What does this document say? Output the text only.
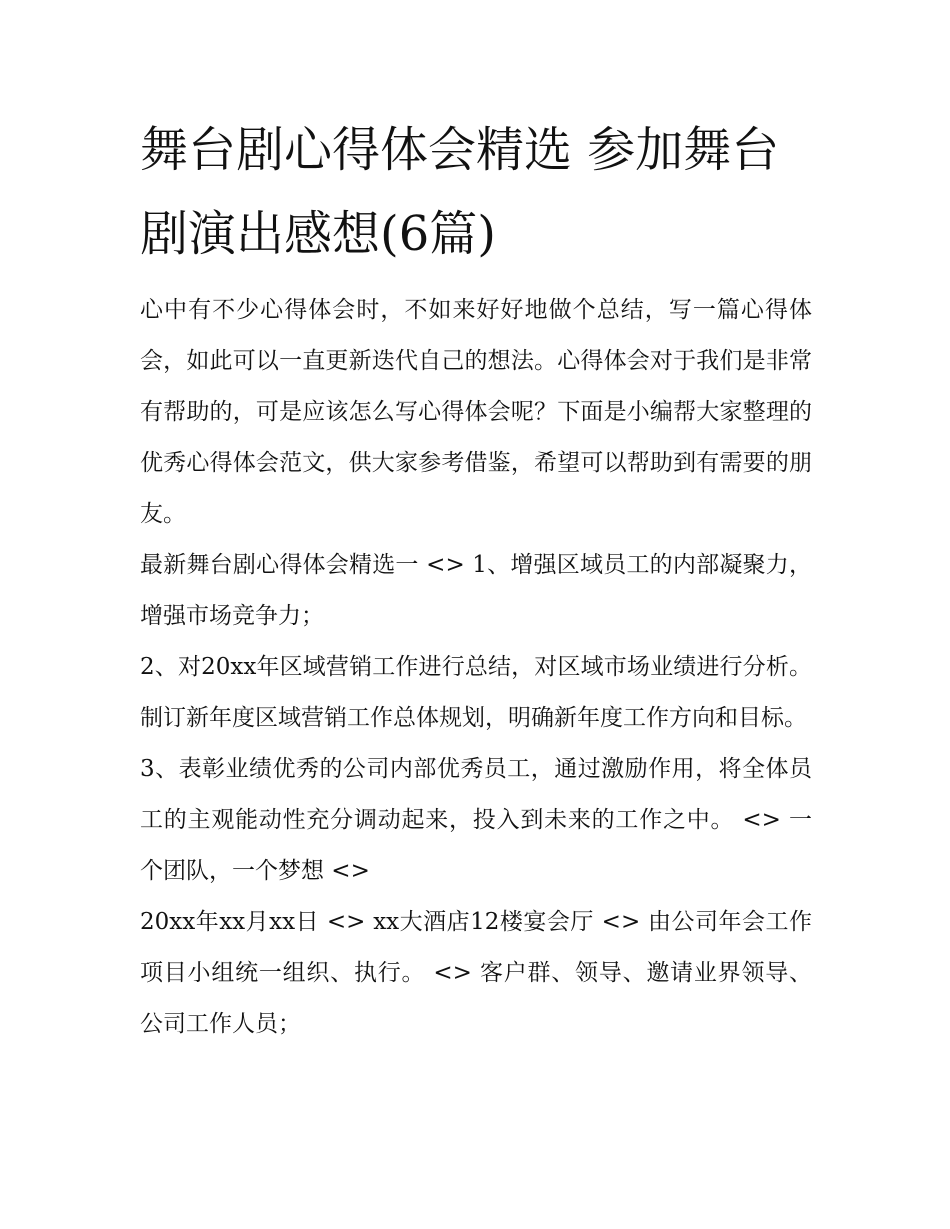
舞台剧心得体会精选 参加舞台剧演出感想(6篇)

心中有不少心得体会时，不如来好好地做个总结，写一篇心得体会，如此可以一直更新迭代自己的想法。心得体会对于我们是非常有帮助的，可是应该怎么写心得体会呢？下面是小编帮大家整理的优秀心得体会范文，供大家参考借鉴，希望可以帮助到有需要的朋友。

最新舞台剧心得体会精选一 <> 1、增强区域员工的内部凝聚力，增强市场竞争力；

2、对20xx年区域营销工作进行总结，对区域市场业绩进行分析。制订新年度区域营销工作总体规划，明确新年度工作方向和目标。

3、表彰业绩优秀的公司内部优秀员工，通过激励作用，将全体员工的主观能动性充分调动起来，投入到未来的工作之中。 <> 一个团队，一个梦想 <>

20xx年xx月xx日 <> xx大酒店12楼宴会厅 <> 由公司年会工作项目小组统一组织、执行。 <> 客户群、领导、邀请业界领导、公司工作人员；
